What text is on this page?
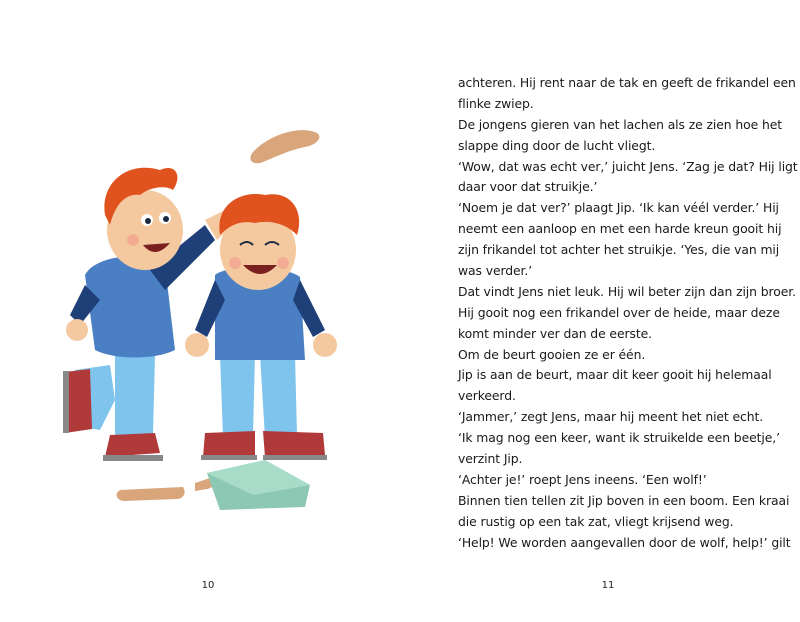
10
achteren. Hij rent naar de tak en geeft de frikandel een
flinke zwiep.
De jongens gieren van het lachen als ze zien hoe het
slappe ding door de lucht vliegt.
‘Wow, dat was echt ver,’ juicht Jens. ‘Zag je dat? Hij ligt
daar voor dat struikje.’
‘Noem je dat ver?’ plaagt Jip. ‘Ik kan véél verder.’ Hij
neemt een aanloop en met een harde kreun gooit hij
zijn frikandel tot achter het struikje. ‘Yes, die van mij
was verder.’
Dat vindt Jens niet leuk. Hij wil beter zijn dan zijn broer.
Hij gooit nog een frikandel over de heide, maar deze
komt minder ver dan de eerste.
Om de beurt gooien ze er één.
Jip is aan de beurt, maar dit keer gooit hij helemaal
verkeerd.
‘Jammer,’ zegt Jens, maar hij meent het niet echt.
‘Ik mag nog een keer, want ik struikelde een beetje,’
verzint Jip.
‘Achter je!’ roept Jens ineens. ‘Een wolf!’
Binnen tien tellen zit Jip boven in een boom. Een kraai
die rustig op een tak zat, vliegt krijsend weg.
‘Help! We worden aangevallen door de wolf, help!’ gilt
11
